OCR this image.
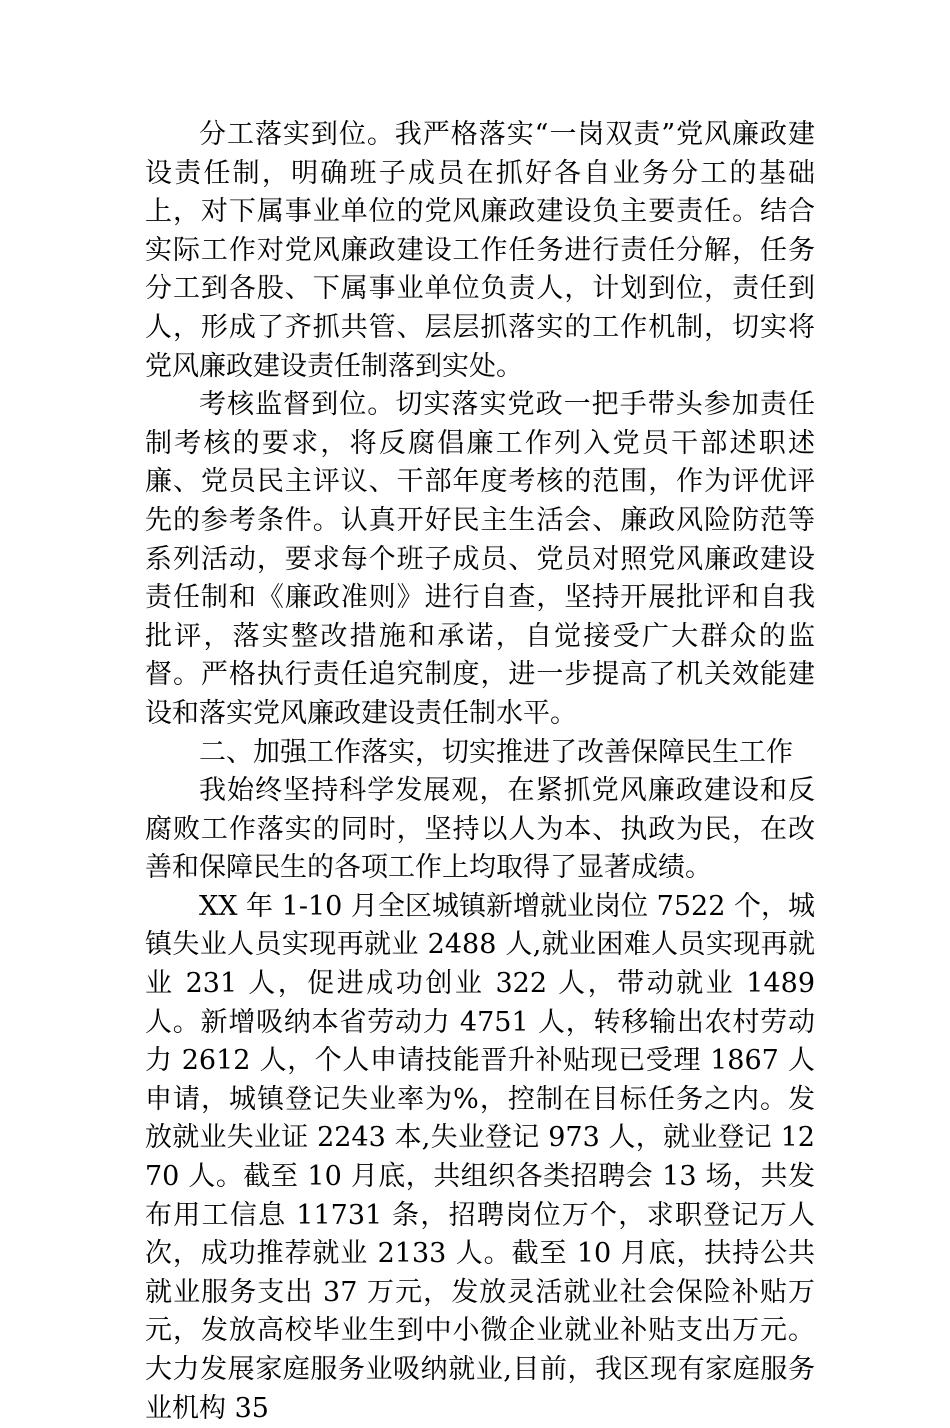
分工落实到位。我严格落实“一岗双责”党风廉政建设责任制，明确班子成员在抓好各自业务分工的基础上，对下属事业单位的党风廉政建设负主要责任。结合实际工作对党风廉政建设工作任务进行责任分解，任务分工到各股、下属事业单位负责人，计划到位，责任到人，形成了齐抓共管、层层抓落实的工作机制，切实将党风廉政建设责任制落到实处。

考核监督到位。切实落实党政一把手带头参加责任制考核的要求，将反腐倡廉工作列入党员干部述职述廉、党员民主评议、干部年度考核的范围，作为评优评先的参考条件。认真开好民主生活会、廉政风险防范等系列活动，要求每个班子成员、党员对照党风廉政建设责任制和《廉政准则》进行自查，坚持开展批评和自我批评，落实整改措施和承诺，自觉接受广大群众的监督。严格执行责任追究制度，进一步提高了机关效能建设和落实党风廉政建设责任制水平。

二、加强工作落实，切实推进了改善保障民生工作

我始终坚持科学发展观，在紧抓党风廉政建设和反腐败工作落实的同时，坚持以人为本、执政为民，在改善和保障民生的各项工作上均取得了显著成绩。

XX 年 1-10 月全区城镇新增就业岗位 7522 个，城镇失业人员实现再就业 2488 人,就业困难人员实现再就业 231 人，促进成功创业 322 人，带动就业 1489 人。新增吸纳本省劳动力 4751 人，转移输出农村劳动力 2612 人，个人申请技能晋升补贴现已受理 1867 人申请，城镇登记失业率为%，控制在目标任务之内。发放就业失业证 2243 本,失业登记 973 人，就业登记 1270 人。截至 10 月底，共组织各类招聘会 13 场，共发布用工信息 11731 条，招聘岗位万个，求职登记万人次，成功推荐就业 2133 人。截至 10 月底，扶持公共就业服务支出 37 万元，发放灵活就业社会保险补贴万元，发放高校毕业生到中小微企业就业补贴支出万元。大力发展家庭服务业吸纳就业,目前，我区现有家庭服务业机构 35
